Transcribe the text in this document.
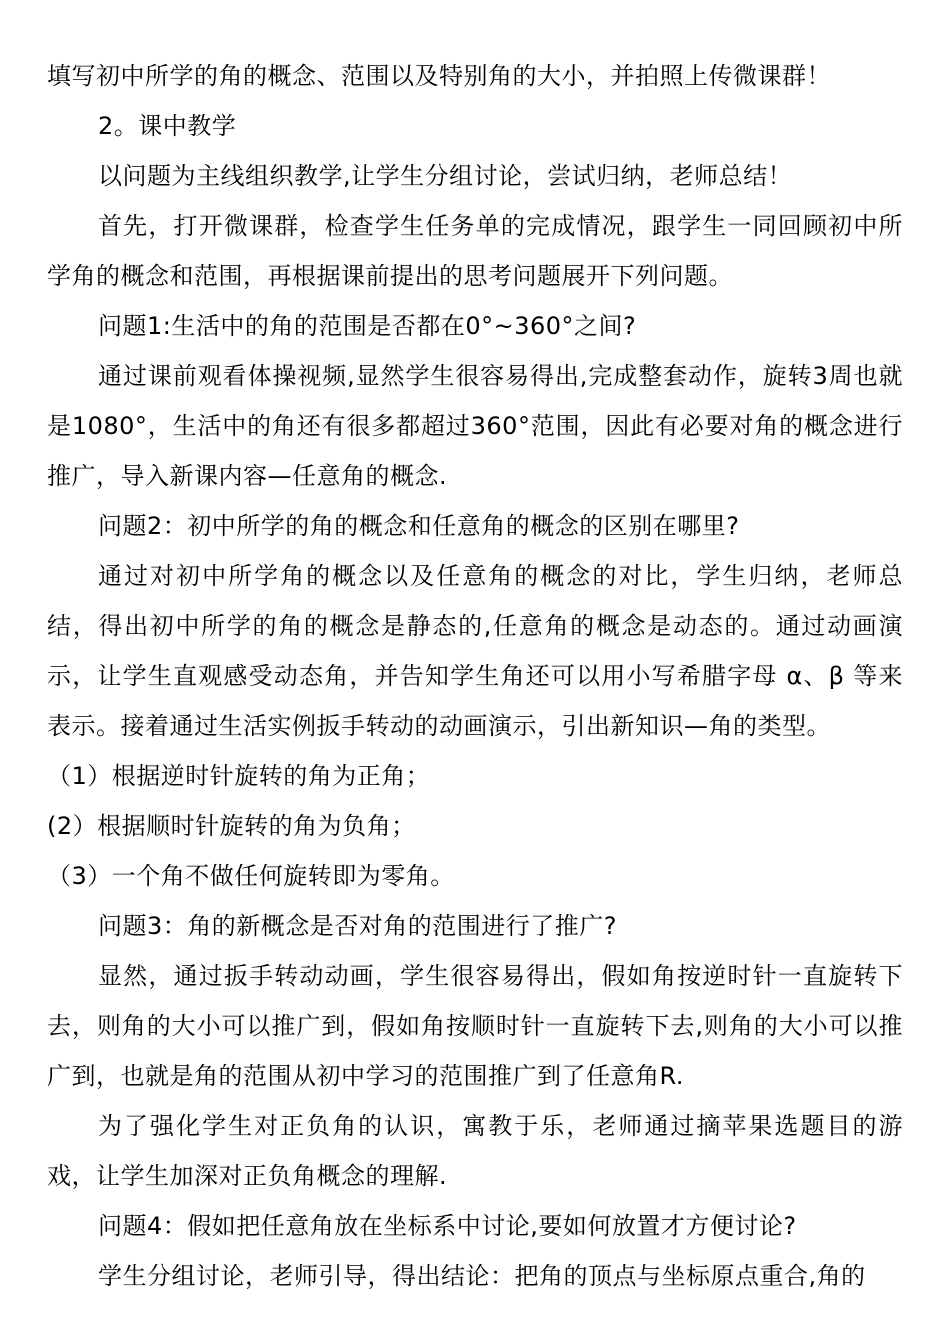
填写初中所学的角的概念、范围以及特别角的大小，并拍照上传微课群！

2。课中教学

以问题为主线组织教学,让学生分组讨论，尝试归纳，老师总结！

首先，打开微课群，检查学生任务单的完成情况，跟学生一同回顾初中所学角的概念和范围，再根据课前提出的思考问题展开下列问题。

问题1:生活中的角的范围是否都在0°~360°之间?

通过课前观看体操视频,显然学生很容易得出,完成整套动作，旋转3周也就是1080°，生活中的角还有很多都超过360°范围，因此有必要对角的概念进行推广，导入新课内容—任意角的概念.

问题2：初中所学的角的概念和任意角的概念的区别在哪里?

通过对初中所学角的概念以及任意角的概念的对比，学生归纳，老师总结，得出初中所学的角的概念是静态的,任意角的概念是动态的。通过动画演示，让学生直观感受动态角，并告知学生角还可以用小写希腊字母 α、β 等来表示。接着通过生活实例扳手转动的动画演示，引出新知识—角的类型。

（1）根据逆时针旋转的角为正角；

(2）根据顺时针旋转的角为负角；

（3）一个角不做任何旋转即为零角。

问题3：角的新概念是否对角的范围进行了推广?

显然，通过扳手转动动画，学生很容易得出，假如角按逆时针一直旋转下去，则角的大小可以推广到，假如角按顺时针一直旋转下去,则角的大小可以推广到，也就是角的范围从初中学习的范围推广到了任意角R.

为了强化学生对正负角的认识，寓教于乐，老师通过摘苹果选题目的游戏，让学生加深对正负角概念的理解.

问题4：假如把任意角放在坐标系中讨论,要如何放置才方便讨论?

学生分组讨论，老师引导，得出结论：把角的顶点与坐标原点重合,角的
